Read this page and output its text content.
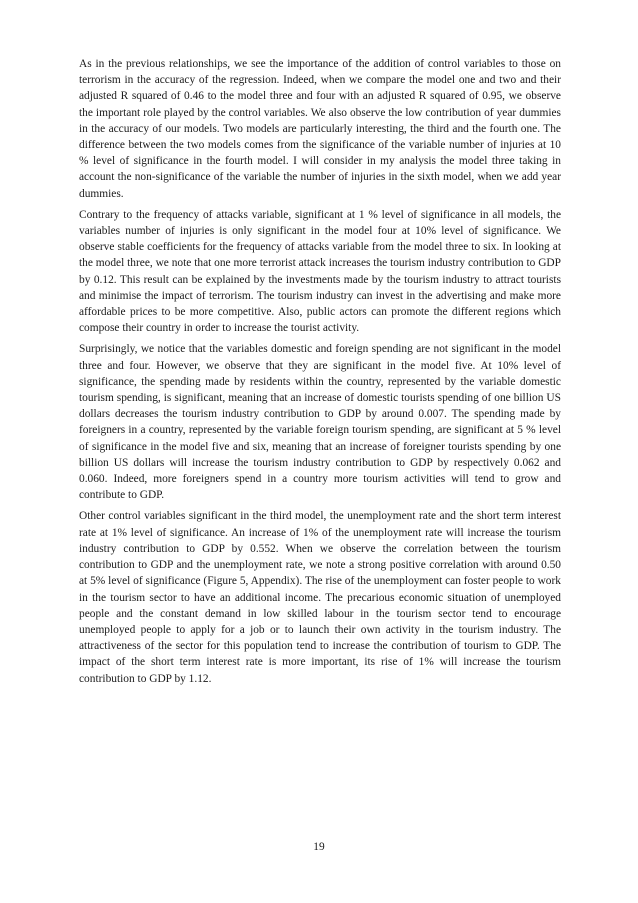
As in the previous relationships, we see the importance of the addition of control variables to those on terrorism in the accuracy of the regression. Indeed, when we compare the model one and two and their adjusted R squared of 0.46 to the model three and four with an adjusted R squared of 0.95, we observe the important role played by the control variables. We also observe the low contribution of year dummies in the accuracy of our models. Two models are particularly interesting, the third and the fourth one. The difference between the two models comes from the significance of the variable number of injuries at 10 % level of significance in the fourth model. I will consider in my analysis the model three taking in account the non-significance of the variable the number of injuries in the sixth model, when we add year dummies.

Contrary to the frequency of attacks variable, significant at 1 % level of significance in all models, the variables number of injuries is only significant in the model four at 10% level of significance. We observe stable coefficients for the frequency of attacks variable from the model three to six. In looking at the model three, we note that one more terrorist attack increases the tourism industry contribution to GDP by 0.12. This result can be explained by the investments made by the tourism industry to attract tourists and minimise the impact of terrorism. The tourism industry can invest in the advertising and make more affordable prices to be more competitive. Also, public actors can promote the different regions which compose their country in order to increase the tourist activity.

Surprisingly, we notice that the variables domestic and foreign spending are not significant in the model three and four. However, we observe that they are significant in the model five. At 10% level of significance, the spending made by residents within the country, represented by the variable domestic tourism spending, is significant, meaning that an increase of domestic tourists spending of one billion US dollars decreases the tourism industry contribution to GDP by around 0.007. The spending made by foreigners in a country, represented by the variable foreign tourism spending, are significant at 5 % level of significance in the model five and six, meaning that an increase of foreigner tourists spending by one billion US dollars will increase the tourism industry contribution to GDP by respectively 0.062 and 0.060. Indeed, more foreigners spend in a country more tourism activities will tend to grow and contribute to GDP.

Other control variables significant in the third model, the unemployment rate and the short term interest rate at 1% level of significance. An increase of 1% of the unemployment rate will increase the tourism industry contribution to GDP by 0.552. When we observe the correlation between the tourism contribution to GDP and the unemployment rate, we note a strong positive correlation with around 0.50 at 5% level of significance (Figure 5, Appendix). The rise of the unemployment can foster people to work in the tourism sector to have an additional income. The precarious economic situation of unemployed people and the constant demand in low skilled labour in the tourism sector tend to encourage unemployed people to apply for a job or to launch their own activity in the tourism industry. The attractiveness of the sector for this population tend to increase the contribution of tourism to GDP. The impact of the short term interest rate is more important, its rise of 1% will increase the tourism contribution to GDP by 1.12.

19
